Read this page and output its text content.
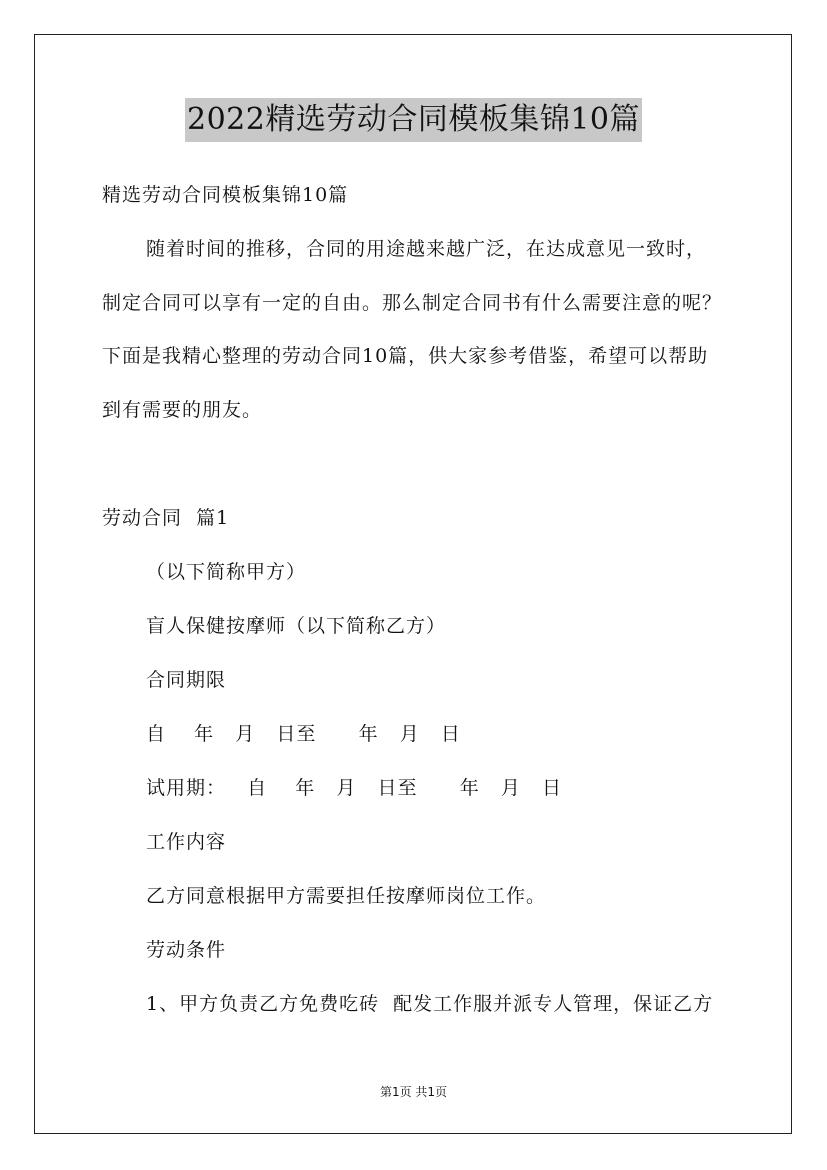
2022精选劳动合同模板集锦10篇
精选劳动合同模板集锦10篇
随着时间的推移，合同的用途越来越广泛，在达成意见一致时，
制定合同可以享有一定的自由。那么制定合同书有什么需要注意的呢？
下面是我精心整理的劳动合同10篇，供大家参考借鉴，希望可以帮助
到有需要的朋友。
劳动合同  篇1
（以下简称甲方）
盲人保健按摩师（以下简称乙方）
合同期限
自    年   月   日至      年   月   日
试用期：   自    年   月   日至      年   月   日
工作内容
乙方同意根据甲方需要担任按摩师岗位工作。
劳动条件
1、甲方负责乙方免费吃砖  配发工作服并派专人管理，保证乙方
第1页 共1页
